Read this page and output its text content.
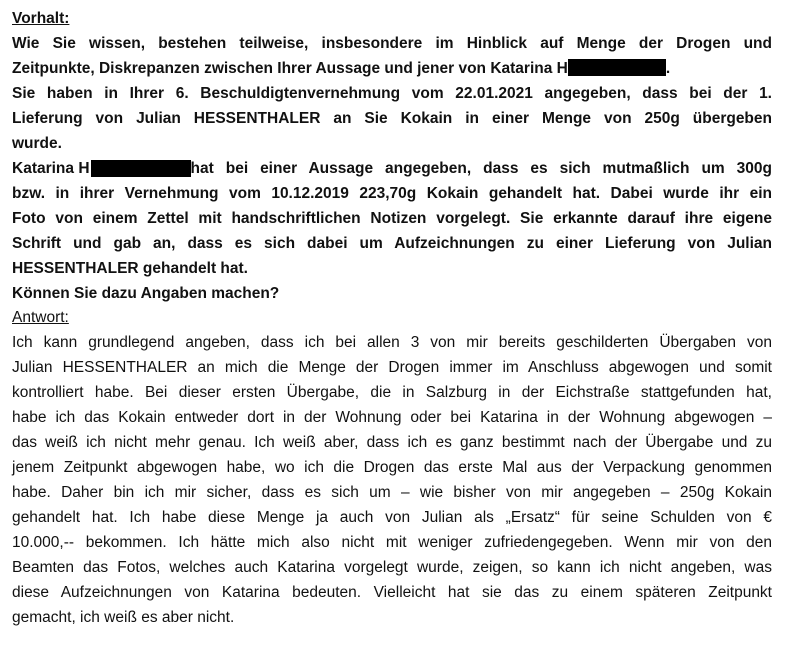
Vorhalt:
Wie Sie wissen, bestehen teilweise, insbesondere im Hinblick auf Menge der Drogen und
Zeitpunkte, Diskrepanzen zwischen Ihrer Aussage und jener von Katarina H	.
Sie haben in Ihrer 6. Beschuldigtenvernehmung vom 22.01.2021 angegeben, dass bei der 1.
Lieferung von Julian HESSENTHALER an Sie Kokain in einer Menge von 250g übergeben
wurde.
Katarina H	hat bei einer Aussage angegeben, dass es sich mutmaßlich um 300g
bzw. in ihrer Vernehmung vom 10.12.2019 223,70g Kokain gehandelt hat. Dabei wurde ihr ein
Foto von einem Zettel mit handschriftlichen Notizen vorgelegt. Sie erkannte darauf ihre eigene
Schrift und gab an, dass es sich dabei um Aufzeichnungen zu einer Lieferung von Julian
HESSENTHALER gehandelt hat.
Können Sie dazu Angaben machen?
Antwort:
Ich kann grundlegend angeben, dass ich bei allen 3 von mir bereits geschilderten Übergaben von
Julian HESSENTHALER an mich die Menge der Drogen immer im Anschluss abgewogen und somit
kontrolliert habe. Bei dieser ersten Übergabe, die in Salzburg in der Eichstraße stattgefunden hat,
habe ich das Kokain entweder dort in der Wohnung oder bei Katarina in der Wohnung abgewogen –
das weiß ich nicht mehr genau. Ich weiß aber, dass ich es ganz bestimmt nach der Übergabe und zu
jenem Zeitpunkt abgewogen habe, wo ich die Drogen das erste Mal aus der Verpackung genommen
habe. Daher bin ich mir sicher, dass es sich um – wie bisher von mir angegeben – 250g Kokain
gehandelt hat. Ich habe diese Menge ja auch von Julian als „Ersatz“ für seine Schulden von €
10.000,-- bekommen. Ich hätte mich also nicht mit weniger zufriedengegeben. Wenn mir von den
Beamten das Fotos, welches auch Katarina vorgelegt wurde, zeigen, so kann ich nicht angeben, was
diese Aufzeichnungen von Katarina bedeuten. Vielleicht hat sie das zu einem späteren Zeitpunkt
gemacht, ich weiß es aber nicht.
